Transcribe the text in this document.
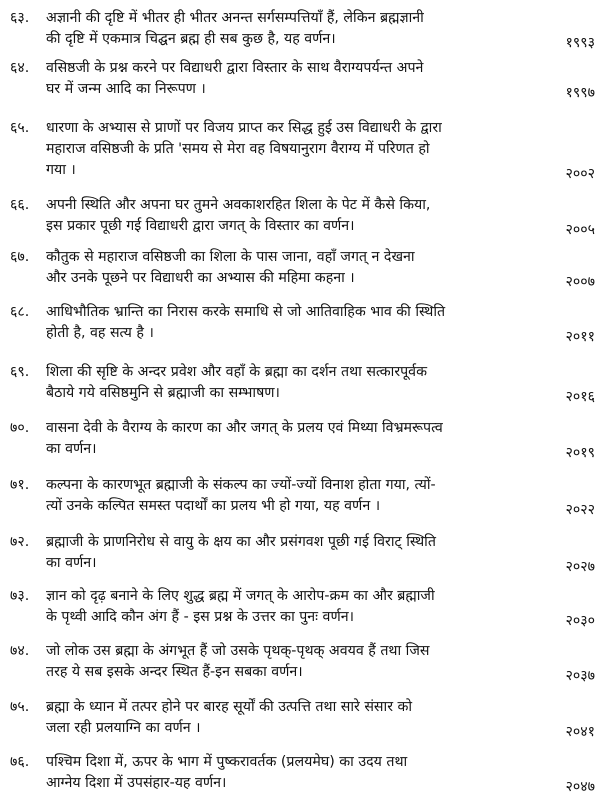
६३.	अज्ञानी की दृष्टि में भीतर ही भीतर अनन्त सर्गसम्पत्तियाँ हैं, लेकिन ब्रह्मज्ञानी
की दृष्टि में एकमात्र चिद्घन ब्रह्म ही सब कुछ है, यह वर्णन।	१९९३
६४.	वसिष्ठजी के प्रश्न करने पर विद्याधरी द्वारा विस्तार के साथ वैराग्यपर्यन्त अपने
घर में जन्म आदि का निरूपण ।	१९९७
६५.	धारणा के अभ्यास से प्राणों पर विजय प्राप्त कर सिद्ध हुई उस विद्याधरी के द्वारा
महाराज वसिष्ठजी के प्रति 'समय से मेरा वह विषयानुराग वैराग्य में परिणत हो
गया ।	२००२
६६.	अपनी स्थिति और अपना घर तुमने अवकाशरहित शिला के पेट में कैसे किया,
इस प्रकार पूछी गई विद्याधरी द्वारा जगत् के विस्तार का वर्णन।	२००५
६७.	कौतुक से महाराज वसिष्ठजी का शिला के पास जाना, वहाँ जगत् न देखना
और उनके पूछने पर विद्याधरी का अभ्यास की महिमा कहना ।	२००७
६८.	आधिभौतिक भ्रान्ति का निरास करके समाधि से जो आतिवाहिक भाव की स्थिति
होती है, वह सत्य है ।	२०११
६९.	शिला की सृष्टि के अन्दर प्रवेश और वहाँ के ब्रह्मा का दर्शन तथा सत्कारपूर्वक
बैठाये गये वसिष्ठमुनि से ब्रह्माजी का सम्भाषण।	२०१६
७०.	वासना देवी के वैराग्य के कारण का और जगत् के प्रलय एवं मिथ्या विभ्रमरूपत्व
का वर्णन।	२०१९
७१.	कल्पना के कारणभूत ब्रह्माजी के संकल्प का ज्यों-ज्यों विनाश होता गया, त्यों-
त्यों उनके कल्पित समस्त पदार्थों का प्रलय भी हो गया, यह वर्णन ।	२०२२
७२.	ब्रह्माजी के प्राणनिरोध से वायु के क्षय का और प्रसंगवश पूछी गई विराट् स्थिति
का वर्णन।	२०२७
७३.	ज्ञान को दृढ़ बनाने के लिए शुद्ध ब्रह्म में जगत् के आरोप-क्रम का और ब्रह्माजी
के पृथ्वी आदि कौन अंग हैं - इस प्रश्न के उत्तर का पुनः वर्णन।	२०३०
७४.	जो लोक उस ब्रह्मा के अंगभूत हैं जो उसके पृथक्-पृथक् अवयव हैं तथा जिस
तरह ये सब इसके अन्दर स्थित हैं-इन सबका वर्णन।	२०३७
७५.	ब्रह्मा के ध्यान में तत्पर होने पर बारह सूर्यों की उत्पत्ति तथा सारे संसार को
जला रही प्रलयाग्नि का वर्णन ।	२०४१
७६.	पश्चिम दिशा में, ऊपर के भाग में पुष्करावर्तक (प्रलयमेघ) का उदय तथा
आग्नेय दिशा में उपसंहार-यह वर्णन।	२०४७
